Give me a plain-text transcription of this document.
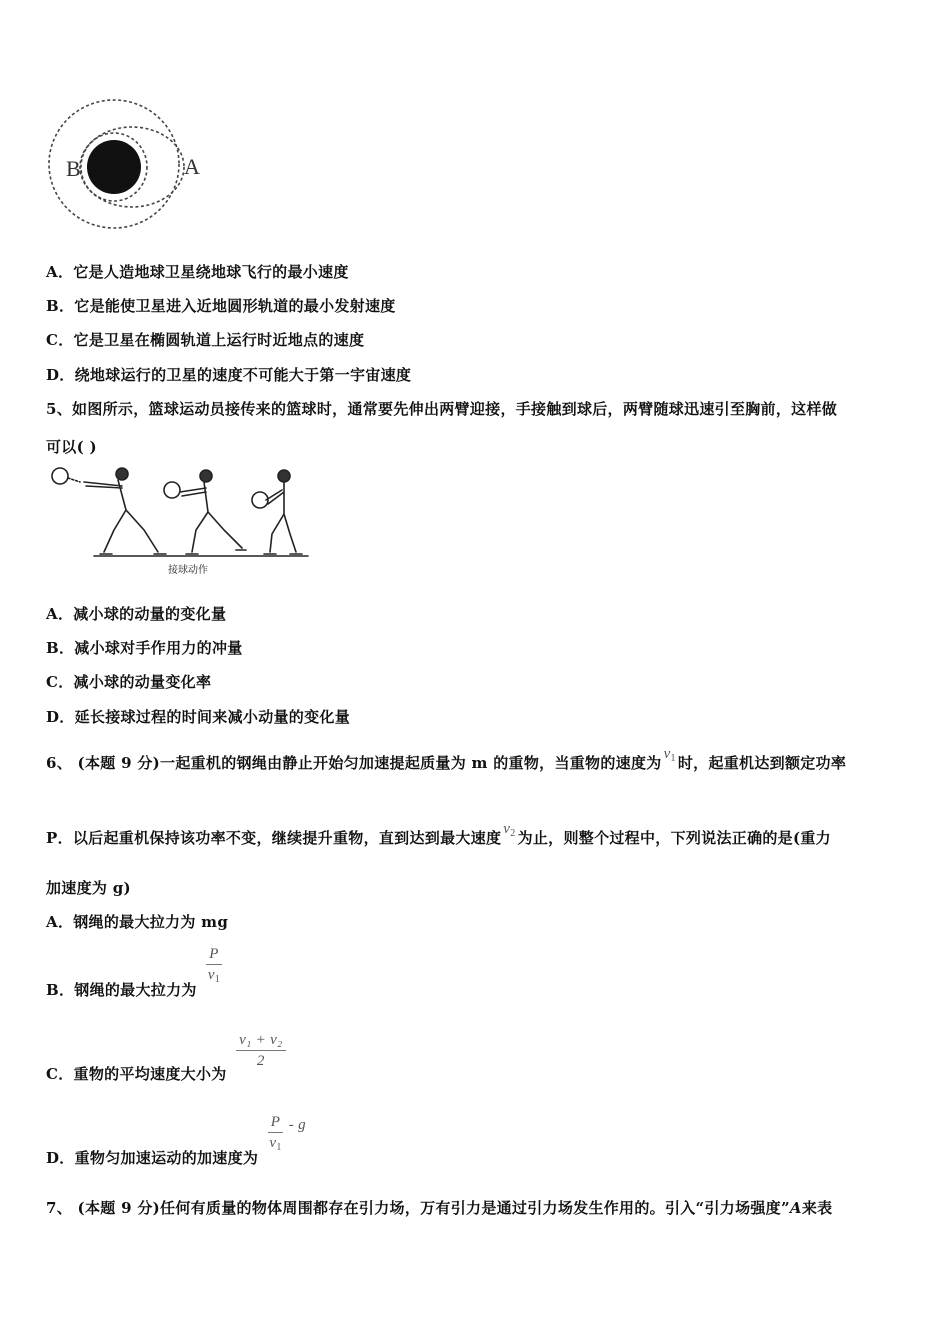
B	A
A．它是人造地球卫星绕地球飞行的最小速度
B．它是能使卫星进入近地圆形轨道的最小发射速度
C．它是卫星在椭圆轨道上运行时近地点的速度
D．绕地球运行的卫星的速度不可能大于第一宇宙速度
5、如图所示，篮球运动员接传来的篮球时，通常要先伸出两臂迎接，手接触到球后，两臂随球迅速引至胸前，这样做
可以( )
接球动作
A．减小球的动量的变化量
B．减小球对手作用力的冲量
C．减小球的动量变化率
D．延长接球过程的时间来减小动量的变化量
6、 (本题 9 分)一起重机的钢绳由静止开始匀加速提起质量为 m 的重物，当重物的速度为 $v_1$ 时，起重机达到额定功率
P．以后起重机保持该功率不变，继续提升重物，直到达到最大速度 $v_2$ 为止，则整个过程中，下列说法正确的是(重力
加速度为 g)
A．钢绳的最大拉力为 mg
B．钢绳的最大拉力为 $\frac{P}{v_1}$
C．重物的平均速度大小为
$\frac{\text{v₁ + v₂}}{2}$
D．重物匀加速运动的加速度为 $\frac{P}{v_1}$ - g
7、 (本题 9 分)任何有质量的物体周围都存在引力场，万有引力是通过引力场发生作用的。引入“引力场强度”A来表
